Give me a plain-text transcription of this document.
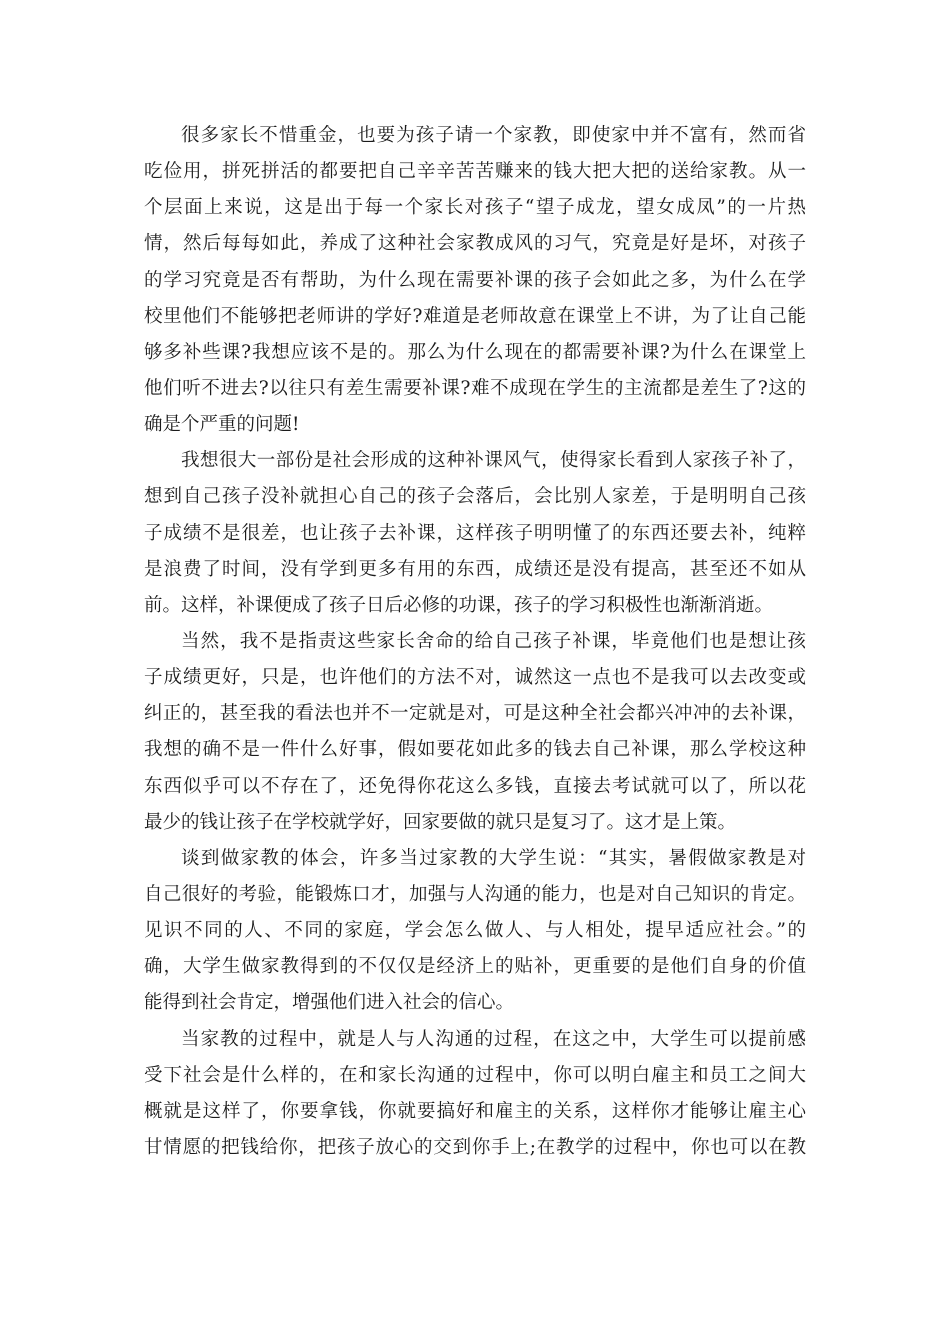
很多家长不惜重金，也要为孩子请一个家教，即使家中并不富有，然而省
吃俭用，拼死拼活的都要把自己辛辛苦苦赚来的钱大把大把的送给家教。从一
个层面上来说，这是出于每一个家长对孩子“望子成龙，望女成凤”的一片热
情，然后每每如此，养成了这种社会家教成风的习气，究竟是好是坏，对孩子
的学习究竟是否有帮助，为什么现在需要补课的孩子会如此之多，为什么在学
校里他们不能够把老师讲的学好?难道是老师故意在课堂上不讲，为了让自己能
够多补些课?我想应该不是的。那么为什么现在的都需要补课?为什么在课堂上
他们听不进去?以往只有差生需要补课?难不成现在学生的主流都是差生了?这的
确是个严重的问题!
我想很大一部份是社会形成的这种补课风气，使得家长看到人家孩子补了，
想到自己孩子没补就担心自己的孩子会落后，会比别人家差，于是明明自己孩
子成绩不是很差，也让孩子去补课，这样孩子明明懂了的东西还要去补，纯粹
是浪费了时间，没有学到更多有用的东西，成绩还是没有提高，甚至还不如从
前。这样，补课便成了孩子日后必修的功课，孩子的学习积极性也渐渐消逝。
当然，我不是指责这些家长舍命的给自己孩子补课，毕竟他们也是想让孩
子成绩更好，只是，也许他们的方法不对，诚然这一点也不是我可以去改变或
纠正的，甚至我的看法也并不一定就是对，可是这种全社会都兴冲冲的去补课，
我想的确不是一件什么好事，假如要花如此多的钱去自己补课，那么学校这种
东西似乎可以不存在了，还免得你花这么多钱，直接去考试就可以了，所以花
最少的钱让孩子在学校就学好，回家要做的就只是复习了。这才是上策。
谈到做家教的体会，许多当过家教的大学生说：“其实，暑假做家教是对
自己很好的考验，能锻炼口才，加强与人沟通的能力，也是对自己知识的肯定。
见识不同的人、不同的家庭，学会怎么做人、与人相处，提早适应社会。”的
确，大学生做家教得到的不仅仅是经济上的贴补，更重要的是他们自身的价值
能得到社会肯定，增强他们进入社会的信心。
当家教的过程中，就是人与人沟通的过程，在这之中，大学生可以提前感
受下社会是什么样的，在和家长沟通的过程中，你可以明白雇主和员工之间大
概就是这样了，你要拿钱，你就要搞好和雇主的关系，这样你才能够让雇主心
甘情愿的把钱给你，把孩子放心的交到你手上;在教学的过程中，你也可以在教
